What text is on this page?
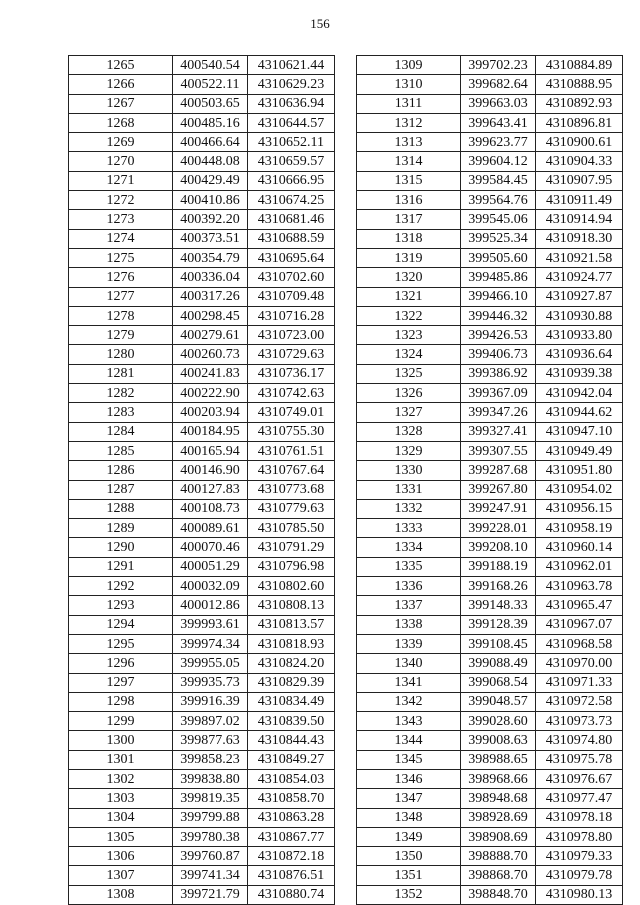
156
1265	400540.54	4310621.44
1266	400522.11	4310629.23
1267	400503.65	4310636.94
1268	400485.16	4310644.57
1269	400466.64	4310652.11
1270	400448.08	4310659.57
1271	400429.49	4310666.95
1272	400410.86	4310674.25
1273	400392.20	4310681.46
1274	400373.51	4310688.59
1275	400354.79	4310695.64
1276	400336.04	4310702.60
1277	400317.26	4310709.48
1278	400298.45	4310716.28
1279	400279.61	4310723.00
1280	400260.73	4310729.63
1281	400241.83	4310736.17
1282	400222.90	4310742.63
1283	400203.94	4310749.01
1284	400184.95	4310755.30
1285	400165.94	4310761.51
1286	400146.90	4310767.64
1287	400127.83	4310773.68
1288	400108.73	4310779.63
1289	400089.61	4310785.50
1290	400070.46	4310791.29
1291	400051.29	4310796.98
1292	400032.09	4310802.60
1293	400012.86	4310808.13
1294	399993.61	4310813.57
1295	399974.34	4310818.93
1296	399955.05	4310824.20
1297	399935.73	4310829.39
1298	399916.39	4310834.49
1299	399897.02	4310839.50
1300	399877.63	4310844.43
1301	399858.23	4310849.27
1302	399838.80	4310854.03
1303	399819.35	4310858.70
1304	399799.88	4310863.28
1305	399780.38	4310867.77
1306	399760.87	4310872.18
1307	399741.34	4310876.51
1308	399721.79	4310880.74
1309	399702.23	4310884.89
1310	399682.64	4310888.95
1311	399663.03	4310892.93
1312	399643.41	4310896.81
1313	399623.77	4310900.61
1314	399604.12	4310904.33
1315	399584.45	4310907.95
1316	399564.76	4310911.49
1317	399545.06	4310914.94
1318	399525.34	4310918.30
1319	399505.60	4310921.58
1320	399485.86	4310924.77
1321	399466.10	4310927.87
1322	399446.32	4310930.88
1323	399426.53	4310933.80
1324	399406.73	4310936.64
1325	399386.92	4310939.38
1326	399367.09	4310942.04
1327	399347.26	4310944.62
1328	399327.41	4310947.10
1329	399307.55	4310949.49
1330	399287.68	4310951.80
1331	399267.80	4310954.02
1332	399247.91	4310956.15
1333	399228.01	4310958.19
1334	399208.10	4310960.14
1335	399188.19	4310962.01
1336	399168.26	4310963.78
1337	399148.33	4310965.47
1338	399128.39	4310967.07
1339	399108.45	4310968.58
1340	399088.49	4310970.00
1341	399068.54	4310971.33
1342	399048.57	4310972.58
1343	399028.60	4310973.73
1344	399008.63	4310974.80
1345	398988.65	4310975.78
1346	398968.66	4310976.67
1347	398948.68	4310977.47
1348	398928.69	4310978.18
1349	398908.69	4310978.80
1350	398888.70	4310979.33
1351	398868.70	4310979.78
1352	398848.70	4310980.13
